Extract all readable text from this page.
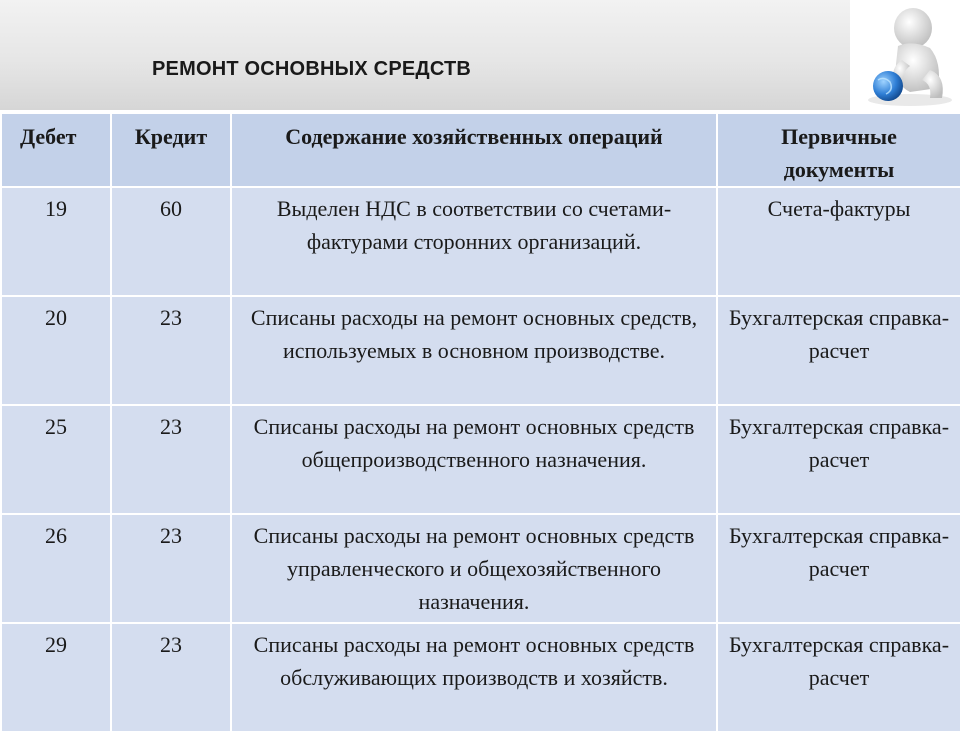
РЕМОНТ ОСНОВНЫХ СРЕДСТВ
Дебет	Кредит	Содержание хозяйственных операций	Первичные документы
19	60	Выделен НДС в соответствии со счетами-фактурами сторонних организаций.	Счета-фактуры
20	23	Списаны расходы на ремонт основных средств, используемых в основном производстве.	Бухгалтерская справка-расчет
25	23	Списаны расходы на ремонт основных средств общепроизводственного назначения.	Бухгалтерская справка-расчет
26	23	Списаны расходы на ремонт основных средств управленческого и общехозяйственного назначения.	Бухгалтерская справка-расчет
29	23	Списаны расходы на ремонт основных средств обслуживающих производств и хозяйств.	Бухгалтерская справка-расчет
